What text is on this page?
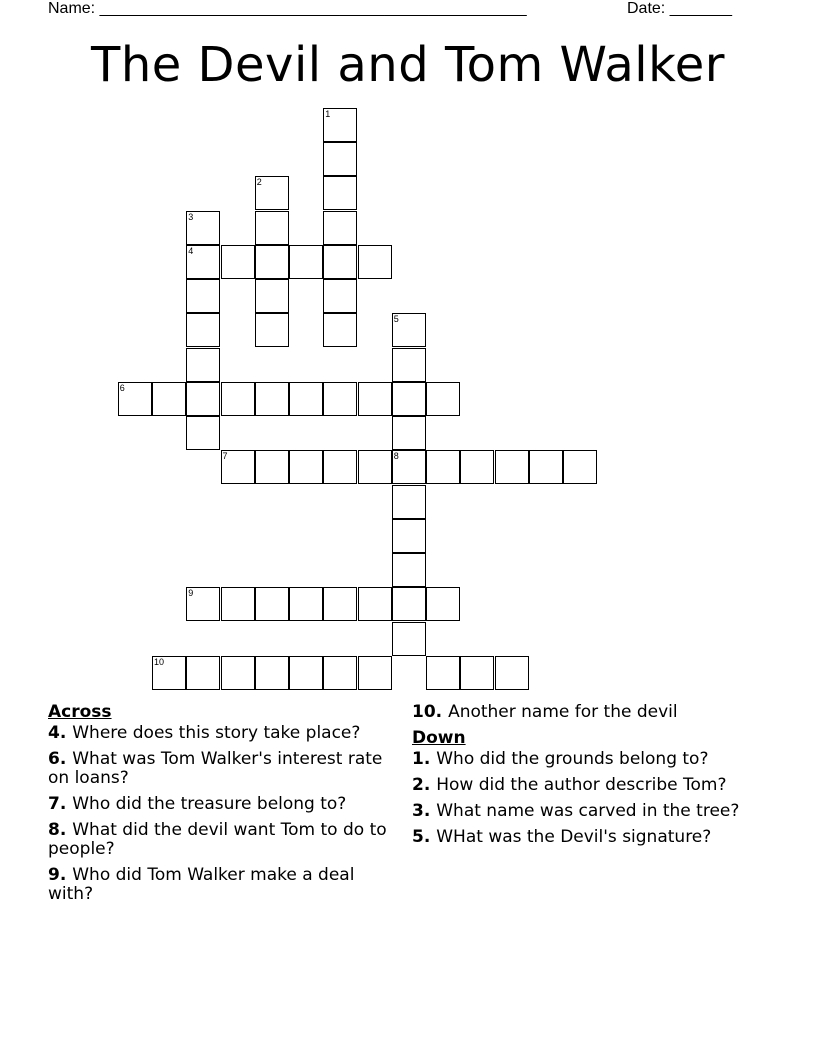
Name: ________________________________________________	Date: _______
The Devil and Tom Walker
1
2
3
4
5
8
6
7
9
10
Across
4. Where does this story take place?
6. What was Tom Walker's interest rate on loans?
7. Who did the treasure belong to?
8. What did the devil want Tom to do to people?
9. Who did Tom Walker make a deal with?
10. Another name for the devil
Down
1. Who did the grounds belong to?
2. How did the author describe Tom?
3. What name was carved in the tree?
5. WHat was the Devil's signature?
